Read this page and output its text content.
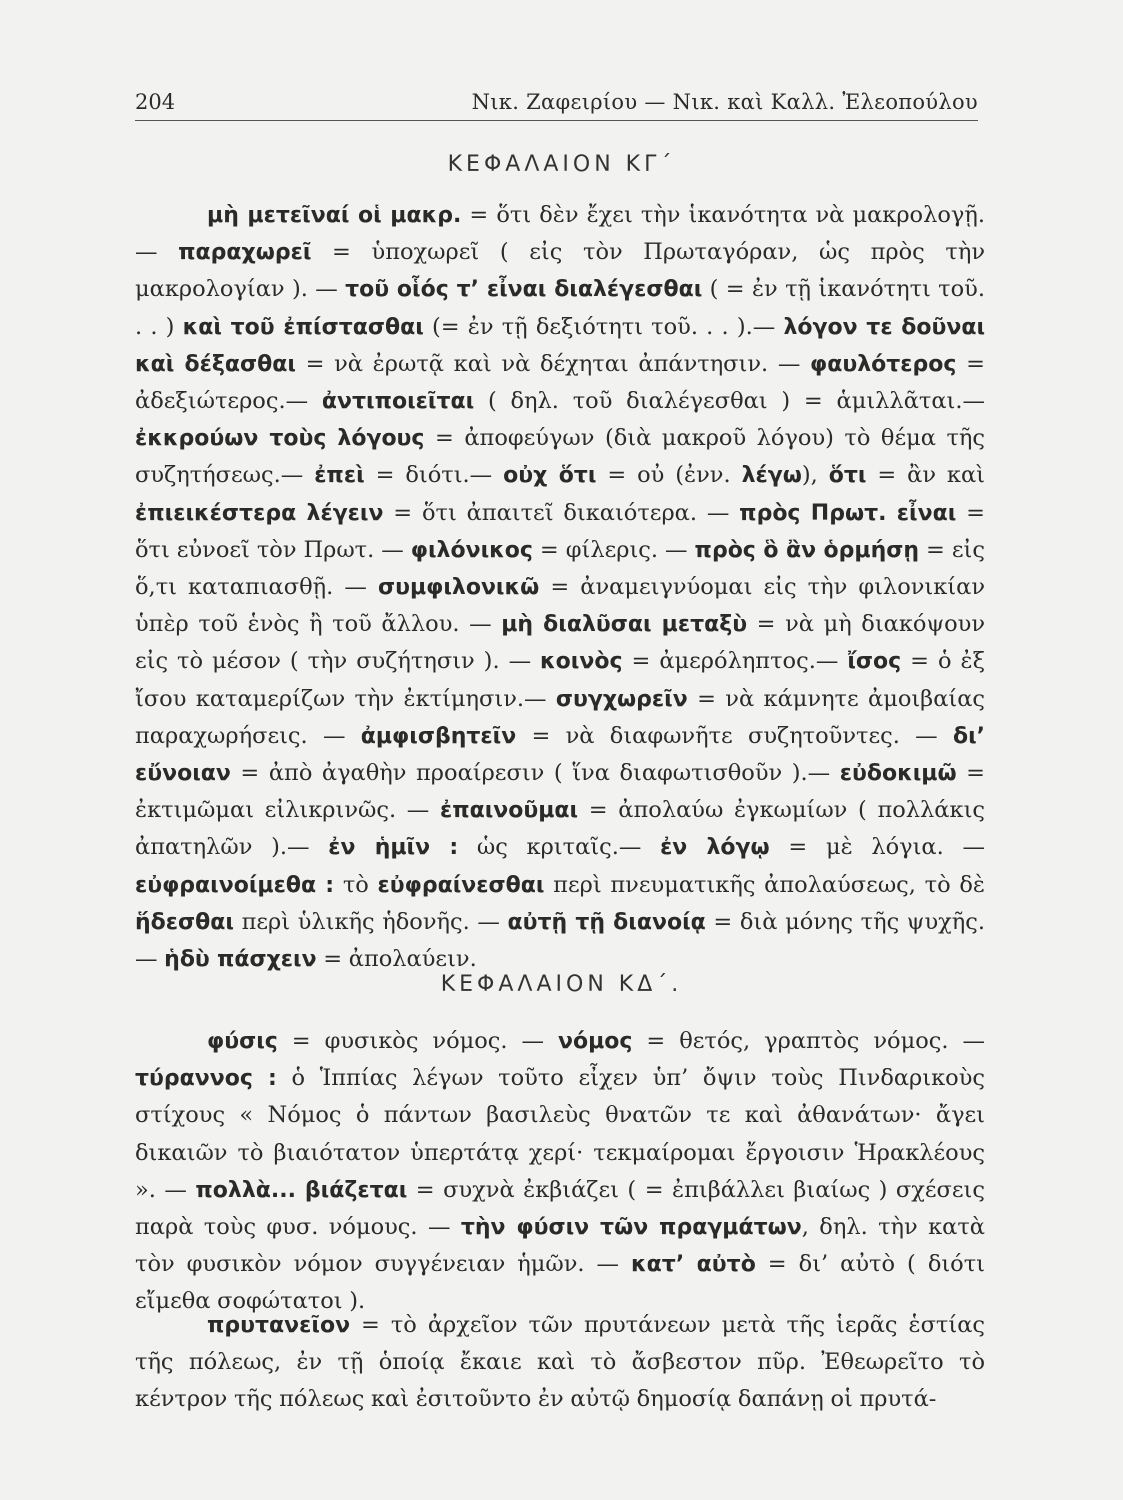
204	Νικ. Ζαφειρίου — Νικ. καὶ Καλλ. Ἐλεοπούλου
ΚΕΦΑΛΑΙΟΝ ΚΓ΄
μὴ μετεῖναί οἱ μακρ. = ὅτι δὲν ἔχει τὴν ἱκανότητα νὰ μακρολογῇ. — παραχωρεῖ = ὑποχωρεῖ ( εἰς τὸν Πρωταγόραν, ὡς πρὸς τὴν μακρολογίαν ). — τοῦ οἷός τ’ εἶναι διαλέγεσθαι ( = ἐν τῇ ἱκανότητι τοῦ. . . ) καὶ τοῦ ἐπίστασθαι (= ἐν τῇ δεξιότητι τοῦ. . . ).— λόγον τε δοῦναι καὶ δέξασθαι = νὰ ἐρωτᾷ καὶ νὰ δέχηται ἀπάντησιν. — φαυλότερος = ἀδεξιώτερος.— ἀντιποιεῖται ( δηλ. τοῦ διαλέγεσθαι ) = ἁμιλλᾶται.— ἐκκρούων τοὺς λόγους = ἀποφεύγων (διὰ μακροῦ λόγου) τὸ θέμα τῆς συζητήσεως.— ἐπεὶ = διότι.— οὐχ ὅτι = οὐ (ἐνν. λέγω), ὅτι = ἂν καὶ ἐπιεικέστερα λέγειν = ὅτι ἀπαιτεῖ δικαιότερα. — πρὸς Πρωτ. εἶναι = ὅτι εὐνοεῖ τὸν Πρωτ. — φιλόνικος = φίλερις. — πρὸς ὃ ἂν ὁρμήσῃ = εἰς ὅ,τι καταπιασθῇ. — συμφιλονικῶ = ἀναμειγνύομαι εἰς τὴν φιλονικίαν ὑπὲρ τοῦ ἑνὸς ἢ τοῦ ἄλλου. — μὴ διαλῦσαι μεταξὺ = νὰ μὴ διακόψουν εἰς τὸ μέσον ( τὴν συζήτησιν ). — κοινὸς = ἀμερόληπτος.— ἴσος = ὁ ἐξ ἴσου καταμερίζων τὴν ἐκτίμησιν.— συγχωρεῖν = νὰ κάμνητε ἀμοιβαίας παραχωρήσεις. — ἀμφισβητεῖν = νὰ διαφωνῆτε συζητοῦντες. — δι’ εὔνοιαν = ἀπὸ ἀγαθὴν προαίρεσιν ( ἵνα διαφωτισθοῦν ).— εὐδοκιμῶ = ἐκτιμῶμαι εἰλικρινῶς. — ἐπαινοῦμαι = ἀπολαύω ἐγκωμίων ( πολλάκις ἀπατηλῶν ).— ἐν ἡμῖν : ὡς κριταῖς.— ἐν λόγῳ = μὲ λόγια. — εὐφραινοίμεθα : τὸ εὐφραίνεσθαι περὶ πνευματικῆς ἀπολαύσεως, τὸ δὲ ἥδεσθαι περὶ ὑλικῆς ἡδονῆς. — αὐτῇ τῇ διανοίᾳ = διὰ μόνης τῆς ψυχῆς. — ἡδὺ πάσχειν = ἀπολαύειν.
ΚΕΦΑΛΑΙΟΝ ΚΔ΄.
φύσις = φυσικὸς νόμος. — νόμος = θετός, γραπτὸς νόμος. — τύραννος : ὁ Ἱππίας λέγων τοῦτο εἶχεν ὑπ’ ὄψιν τοὺς Πινδαρικοὺς στίχους « Νόμος ὁ πάντων βασιλεὺς θνατῶν τε καὶ ἀθανάτων· ἄγει δικαιῶν τὸ βιαιότατον ὑπερτάτᾳ χερί· τεκμαίρομαι ἔργοισιν Ἡρακλέους ». — πολλὰ... βιάζεται = συχνὰ ἐκβιάζει ( = ἐπιβάλλει βιαίως ) σχέσεις παρὰ τοὺς φυσ. νόμους. — τὴν φύσιν τῶν πραγμάτων, δηλ. τὴν κατὰ τὸν φυσικὸν νόμον συγγένειαν ἡμῶν. — κατ’ αὐτὸ = δι’ αὐτὸ ( διότι εἴμεθα σοφώτατοι ).
πρυτανεῖον = τὸ ἀρχεῖον τῶν πρυτάνεων μετὰ τῆς ἱερᾶς ἑστίας τῆς πόλεως, ἐν τῇ ὁποίᾳ ἔκαιε καὶ τὸ ἄσβεστον πῦρ. Ἐθεωρεῖτο τὸ κέντρον τῆς πόλεως καὶ ἐσιτοῦντο ἐν αὐτῷ δημοσίᾳ δαπάνῃ οἱ πρυτά-
